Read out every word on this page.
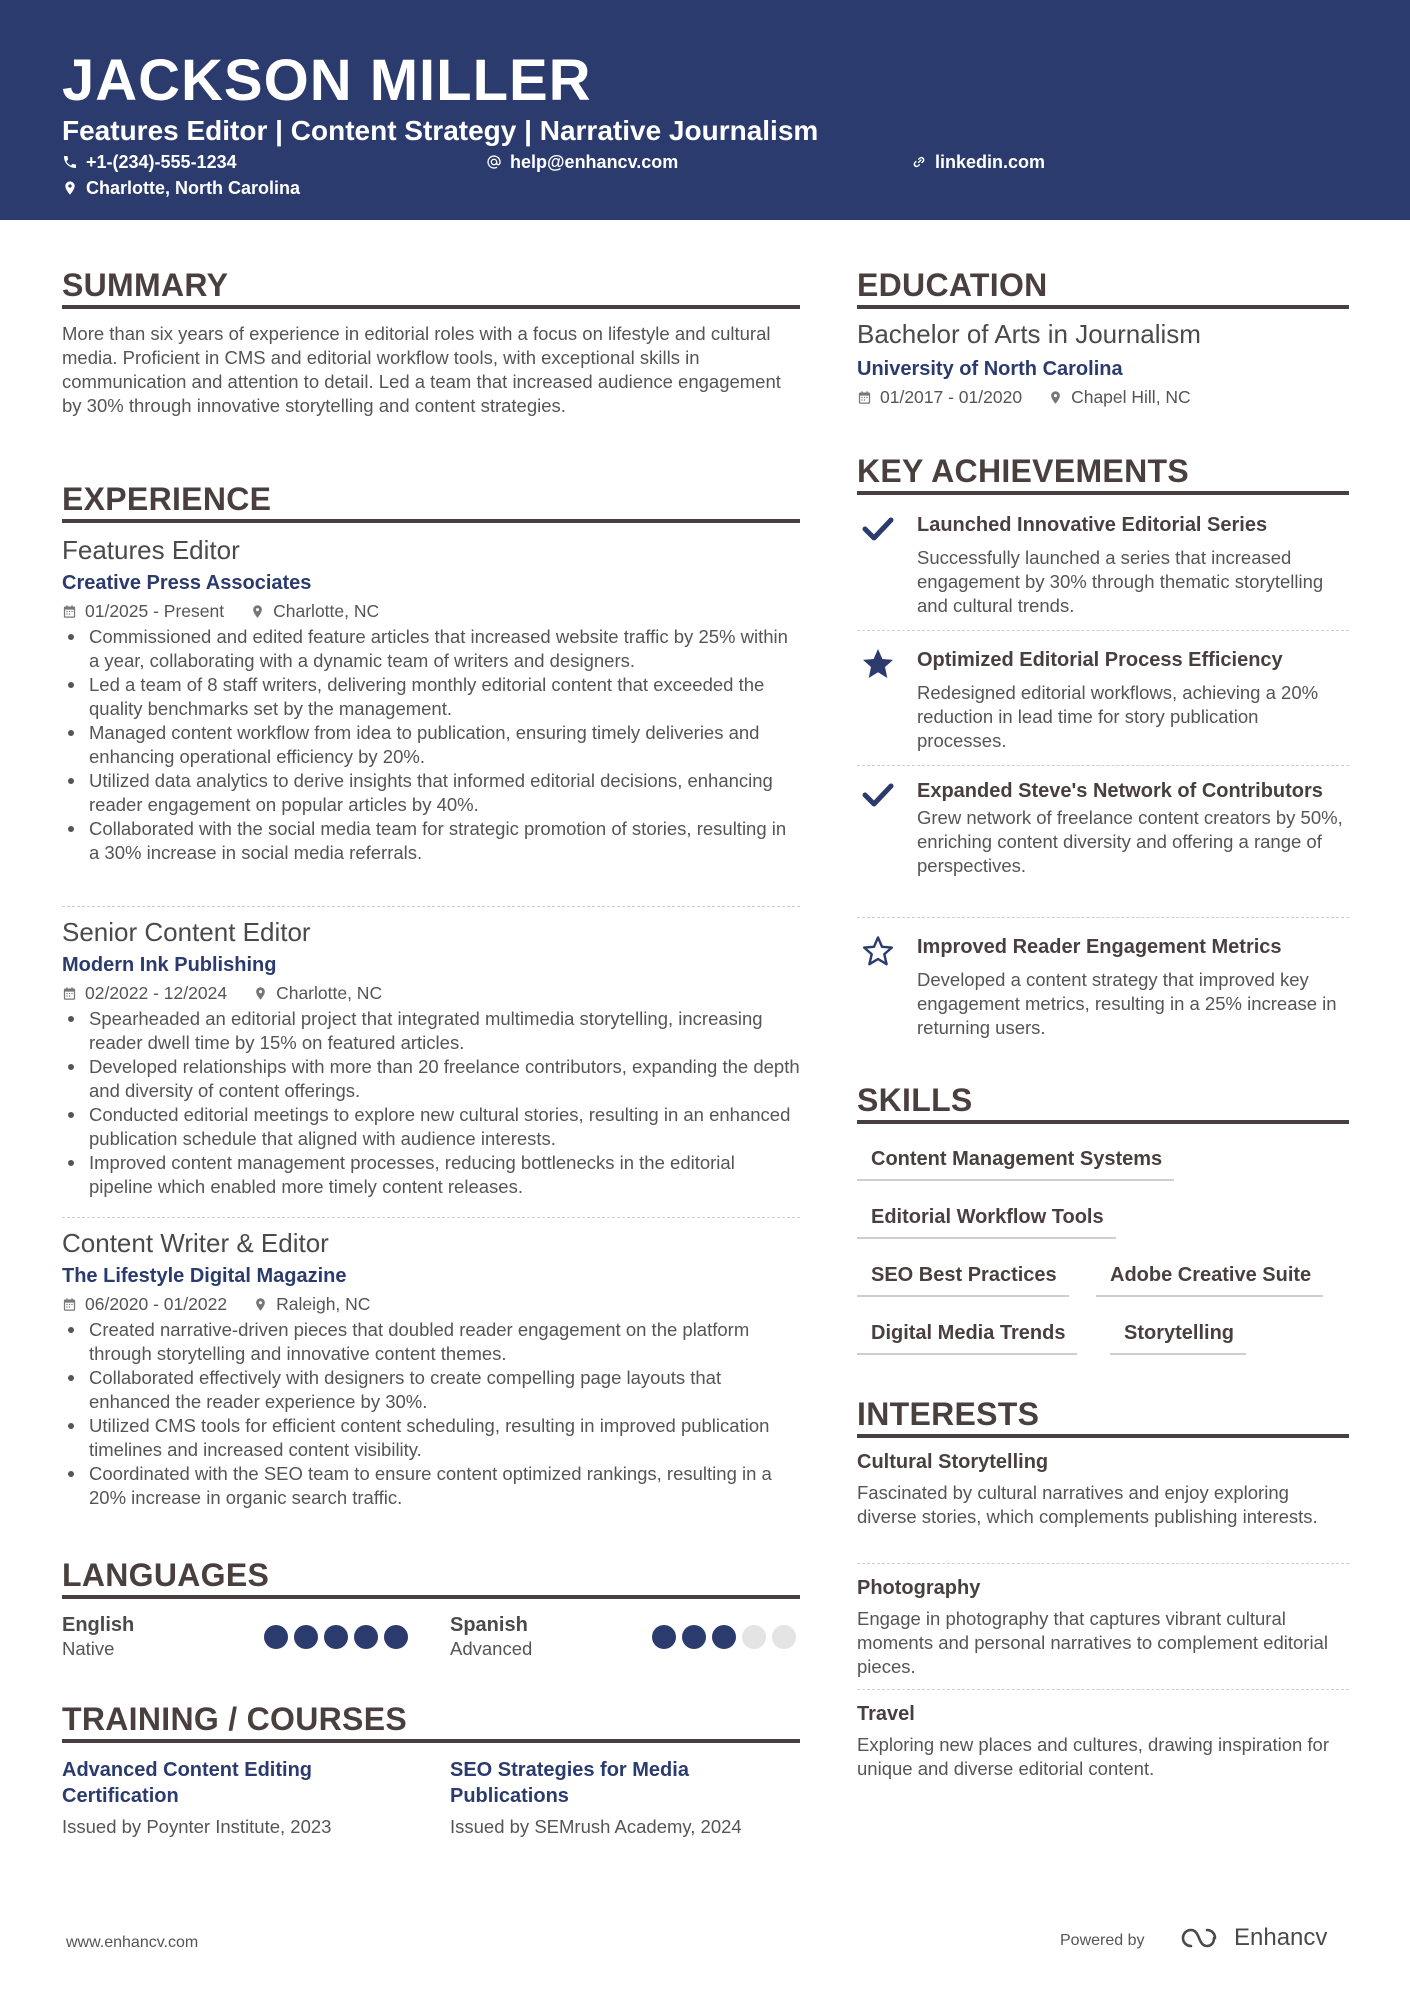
JACKSON MILLER
Features Editor | Content Strategy | Narrative Journalism
+1-(234)-555-1234	help@enhancv.com	linkedin.com
Charlotte, North Carolina
SUMMARY
More than six years of experience in editorial roles with a focus on lifestyle and cultural media. Proficient in CMS and editorial workflow tools, with exceptional skills in communication and attention to detail. Led a team that increased audience engagement by 30% through innovative storytelling and content strategies.
EXPERIENCE
Features Editor
Creative Press Associates
01/2025 - Present	Charlotte, NC
Commissioned and edited feature articles that increased website traffic by 25% within a year, collaborating with a dynamic team of writers and designers.
Led a team of 8 staff writers, delivering monthly editorial content that exceeded the quality benchmarks set by the management.
Managed content workflow from idea to publication, ensuring timely deliveries and enhancing operational efficiency by 20%.
Utilized data analytics to derive insights that informed editorial decisions, enhancing reader engagement on popular articles by 40%.
Collaborated with the social media team for strategic promotion of stories, resulting in a 30% increase in social media referrals.
Senior Content Editor
Modern Ink Publishing
02/2022 - 12/2024	Charlotte, NC
Spearheaded an editorial project that integrated multimedia storytelling, increasing reader dwell time by 15% on featured articles.
Developed relationships with more than 20 freelance contributors, expanding the depth and diversity of content offerings.
Conducted editorial meetings to explore new cultural stories, resulting in an enhanced publication schedule that aligned with audience interests.
Improved content management processes, reducing bottlenecks in the editorial pipeline which enabled more timely content releases.
Content Writer & Editor
The Lifestyle Digital Magazine
06/2020 - 01/2022	Raleigh, NC
Created narrative-driven pieces that doubled reader engagement on the platform through storytelling and innovative content themes.
Collaborated effectively with designers to create compelling page layouts that enhanced the reader experience by 30%.
Utilized CMS tools for efficient content scheduling, resulting in improved publication timelines and increased content visibility.
Coordinated with the SEO team to ensure content optimized rankings, resulting in a 20% increase in organic search traffic.
LANGUAGES
English
Native
Spanish
Advanced
TRAINING / COURSES
Advanced Content Editing Certification
Issued by Poynter Institute, 2023
SEO Strategies for Media Publications
Issued by SEMrush Academy, 2024
EDUCATION
Bachelor of Arts in Journalism
University of North Carolina
01/2017 - 01/2020	Chapel Hill, NC
KEY ACHIEVEMENTS
Launched Innovative Editorial Series
Successfully launched a series that increased engagement by 30% through thematic storytelling and cultural trends.
Optimized Editorial Process Efficiency
Redesigned editorial workflows, achieving a 20% reduction in lead time for story publication processes.
Expanded Steve's Network of Contributors
Grew network of freelance content creators by 50%, enriching content diversity and offering a range of perspectives.
Improved Reader Engagement Metrics
Developed a content strategy that improved key engagement metrics, resulting in a 25% increase in returning users.
SKILLS
Content Management Systems
Editorial Workflow Tools
SEO Best Practices	Adobe Creative Suite
Digital Media Trends	Storytelling
INTERESTS
Cultural Storytelling
Fascinated by cultural narratives and enjoy exploring diverse stories, which complements publishing interests.
Photography
Engage in photography that captures vibrant cultural moments and personal narratives to complement editorial pieces.
Travel
Exploring new places and cultures, drawing inspiration for unique and diverse editorial content.
www.enhancv.com	Powered by	Enhancv
